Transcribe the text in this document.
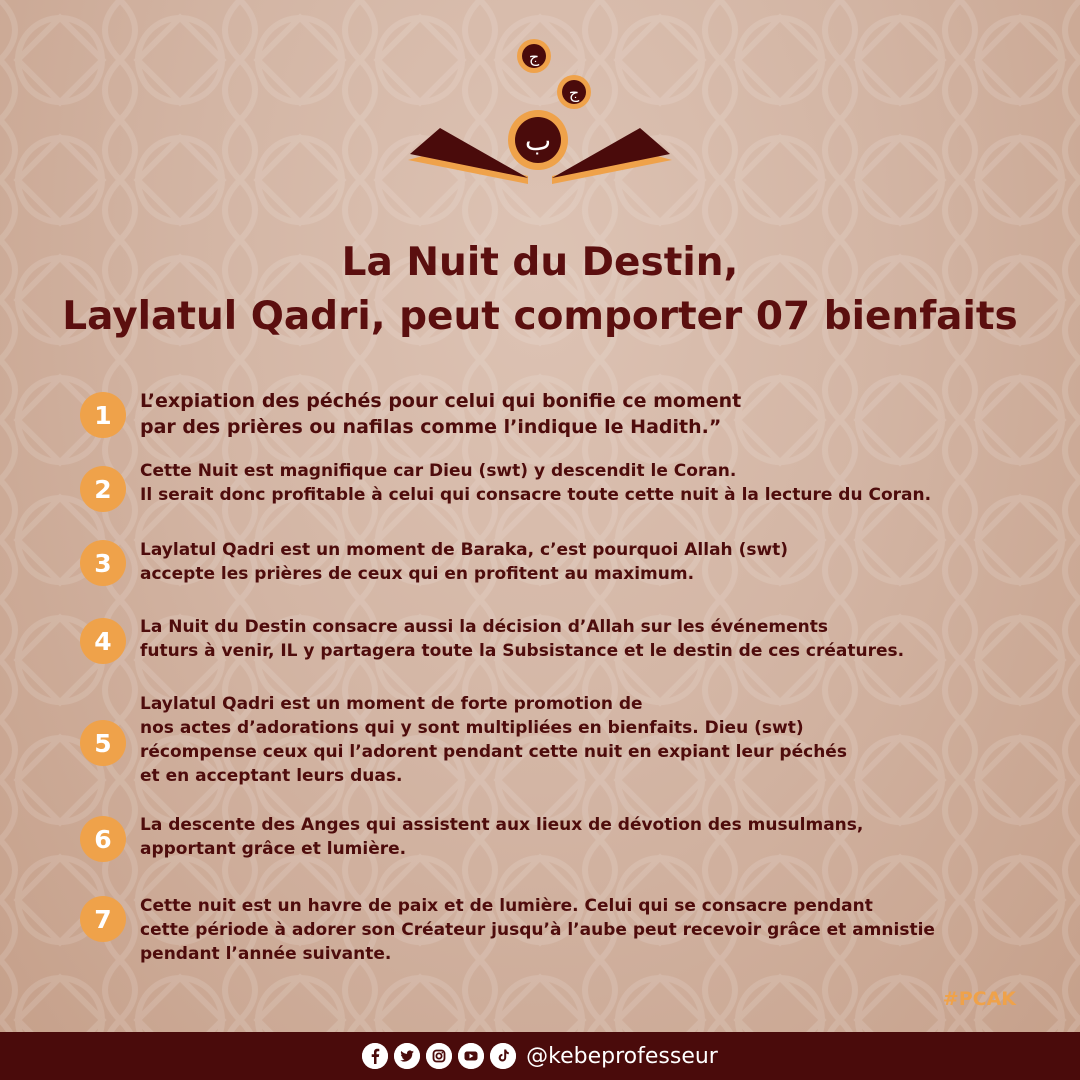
ج
ج
ب
La Nuit du Destin,
Laylatul Qadri, peut comporter 07 bienfaits
1	L’expiation des péchés pour celui qui bonifie ce moment
par des prières ou nafilas comme l’indique le Hadith.”
2
Cette Nuit est magnifique car Dieu (swt) y descendit le Coran.
Il serait donc profitable à celui qui consacre toute cette nuit à la lecture du Coran.
3	Laylatul Qadri est un moment de Baraka, c’est pourquoi Allah (swt)
accepte les prières de ceux qui en profitent au maximum.
4	La Nuit du Destin consacre aussi la décision d’Allah sur les événements
futurs à venir, IL y partagera toute la Subsistance et le destin de ces créatures.
5
Laylatul Qadri est un moment de forte promotion de
nos actes d’adorations qui y sont multipliées en bienfaits. Dieu (swt)
récompense ceux qui l’adorent pendant cette nuit en expiant leur péchés
et en acceptant leurs duas.
6	La descente des Anges qui assistent aux lieux de dévotion des musulmans,
apportant grâce et lumière.
7	Cette nuit est un havre de paix et de lumière. Celui qui se consacre pendant
cette période à adorer son Créateur jusqu’à l’aube peut recevoir grâce et amnistie
pendant l’année suivante.
#PCAK
@kebeprofesseur
